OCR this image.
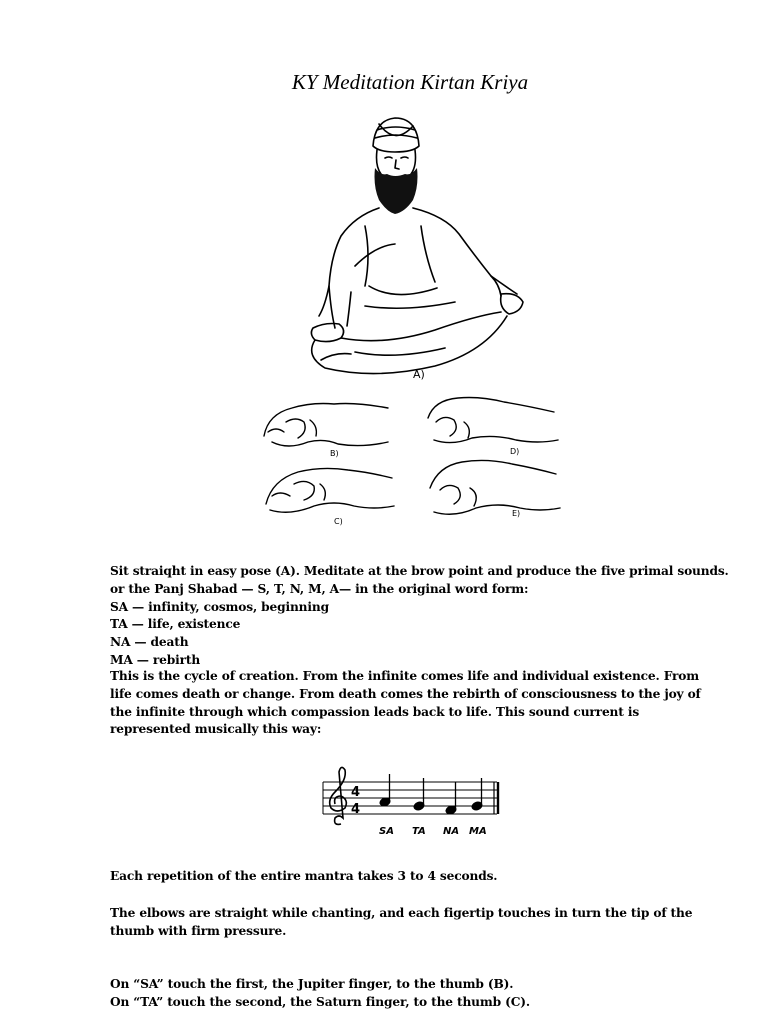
KY Meditation Kirtan Kriya
A)
B)
C)
D)
E)
Sit straiqht in easy pose (A). Meditate at the brow point and produce the five primal sounds.
or the Panj Shabad — S, T, N, M, A— in the original word form:
SA — infinity, cosmos, beginning
TA — life, existence
NA — death
MA — rebirth
This is the cycle of creation. From the infinite comes life and individual existence. From life comes death or change. From death comes the rebirth of consciousness to the joy of the infinite through which compassion leads back to life. This sound current is represented musically this way:
4
4
SA TA NA MA
Each repetition of the entire mantra takes 3 to 4 seconds.
The elbows are straight while chanting, and each figertip touches in turn the tip of the thumb with firm pressure.
On “SA” touch the first, the Jupiter finger, to the thumb (B).
On “TA” touch the second, the Saturn finger, to the thumb (C).
